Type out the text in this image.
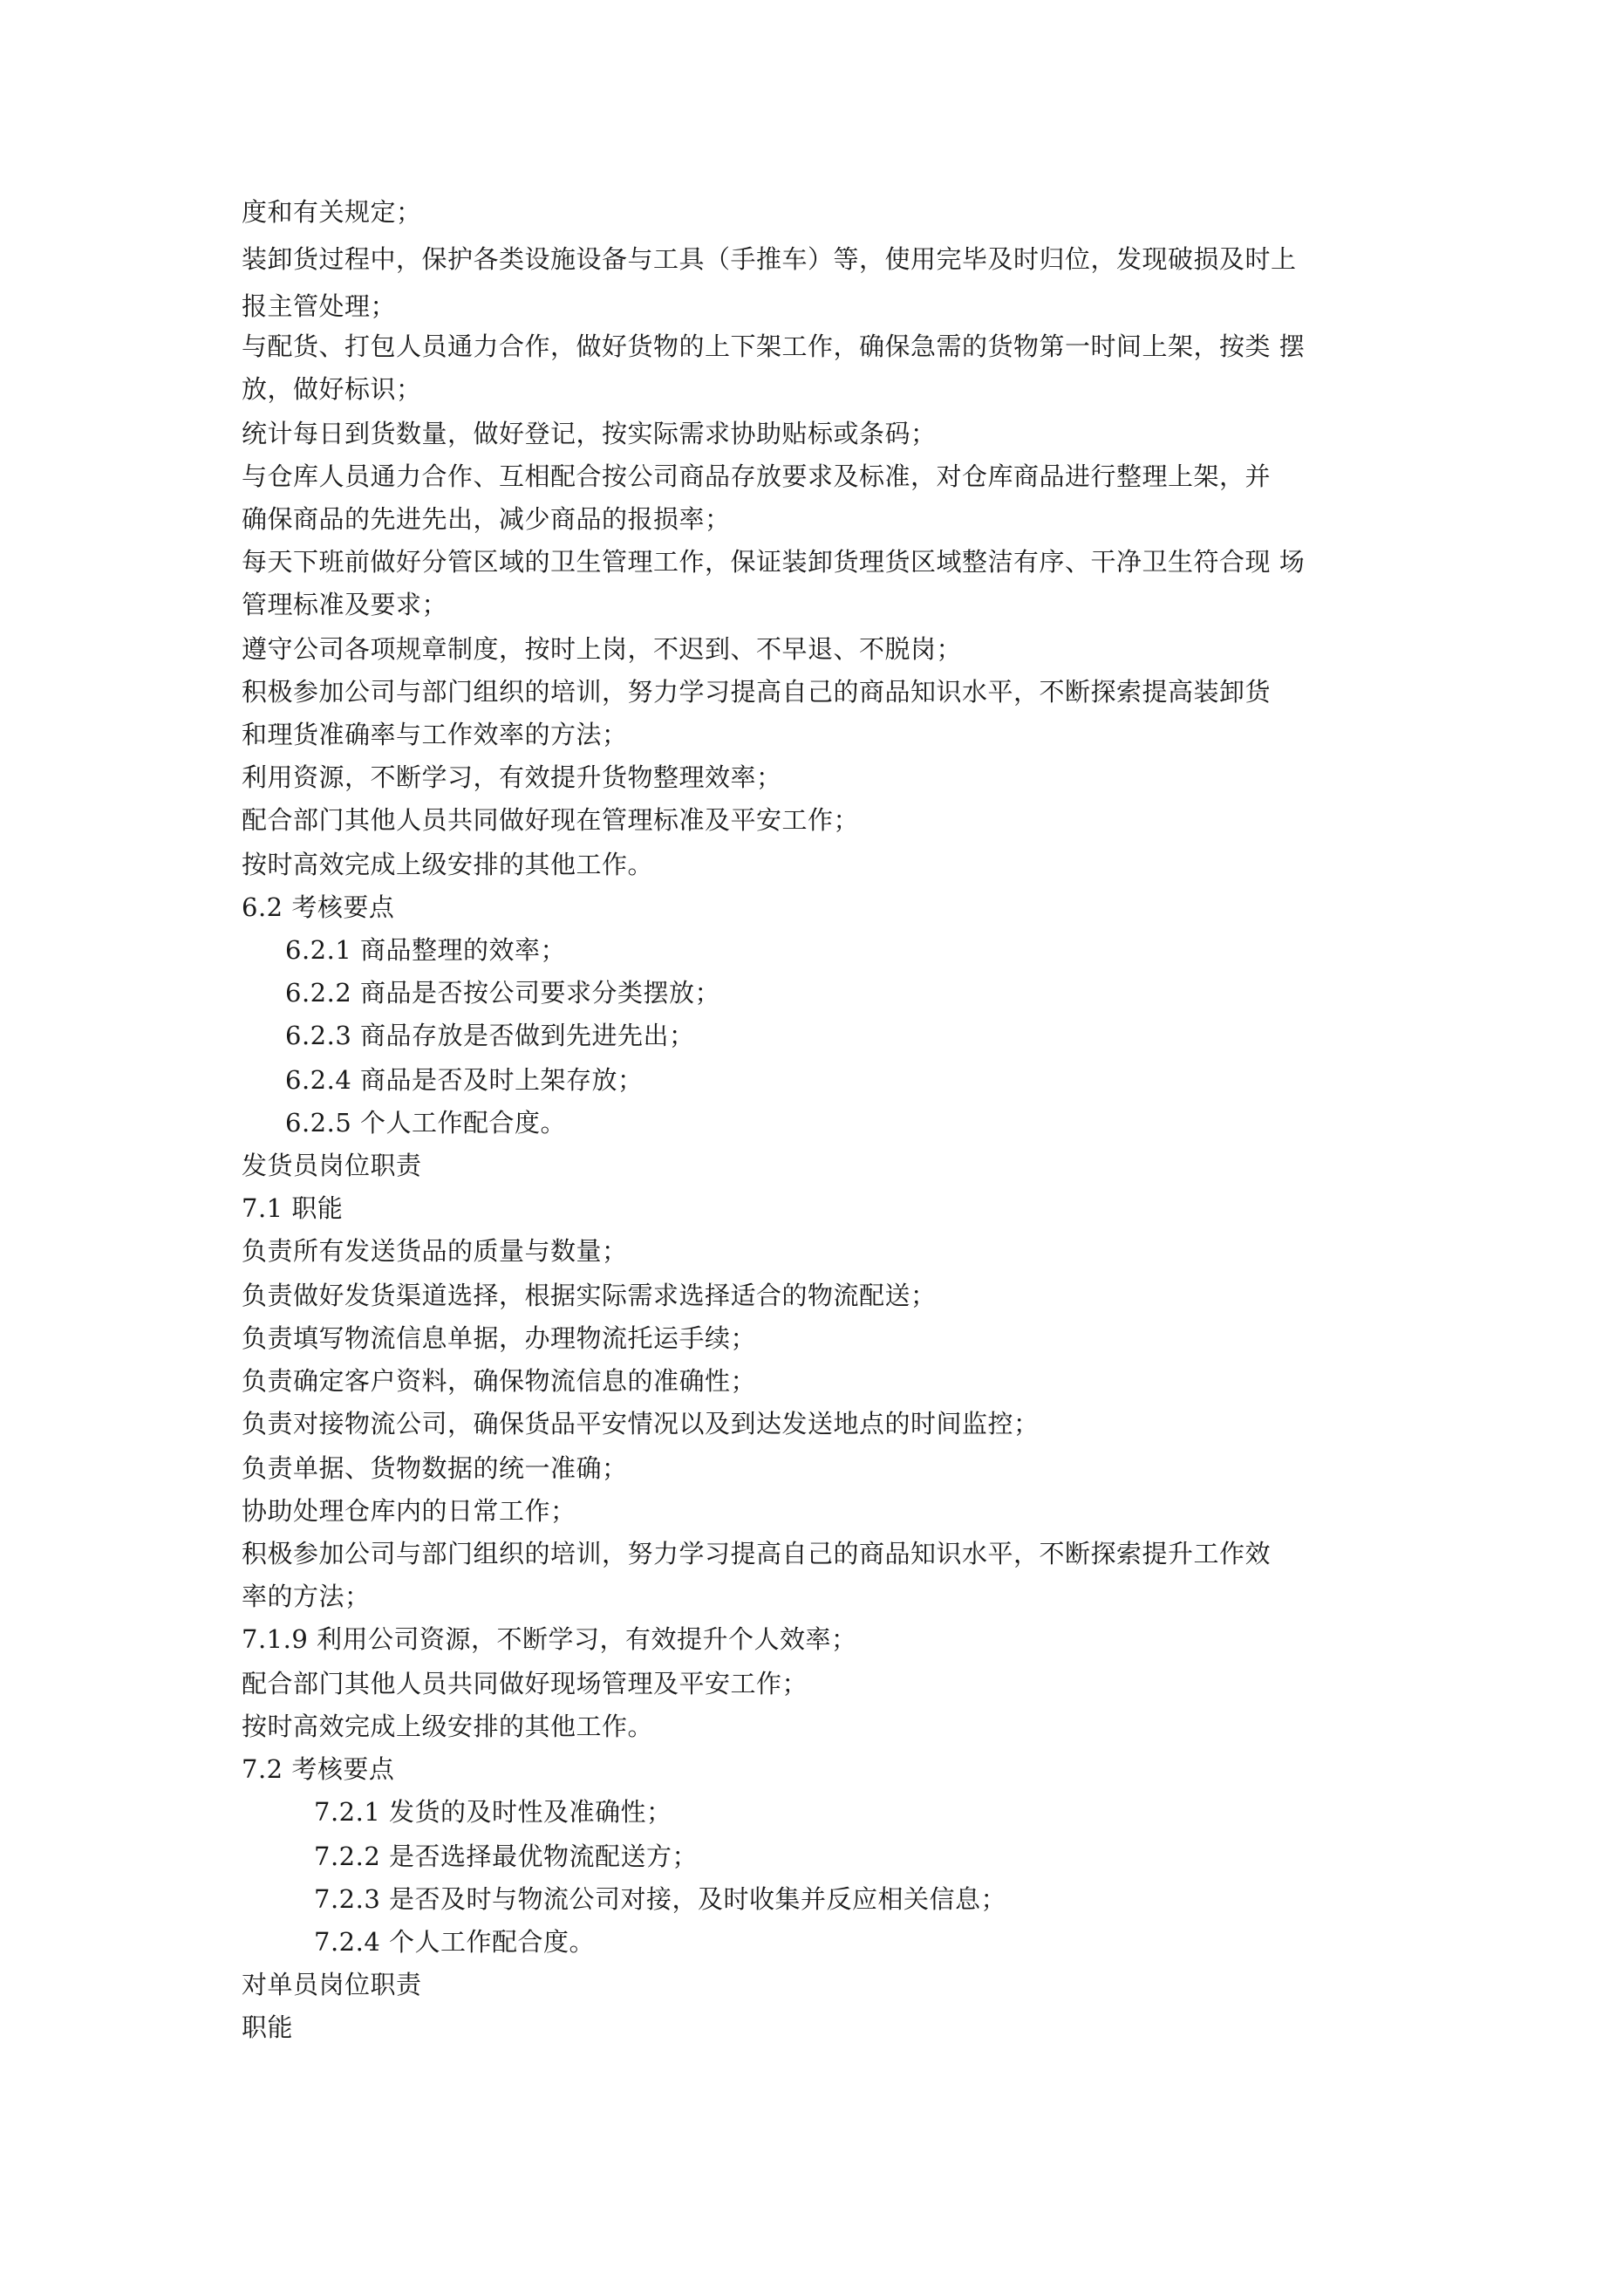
度和有关规定；
装卸货过程中，保护各类设施设备与工具（手推车）等，使用完毕及时归位，发现破损及时上
报主管处理；
与配货、打包人员通力合作，做好货物的上下架工作，确保急需的货物第一时间上架，按类 摆
放，做好标识；
统计每日到货数量，做好登记，按实际需求协助贴标或条码；
与仓库人员通力合作、互相配合按公司商品存放要求及标准，对仓库商品进行整理上架，并
确保商品的先进先出，减少商品的报损率；
每天下班前做好分管区域的卫生管理工作，保证装卸货理货区域整洁有序、干净卫生符合现 场
管理标准及要求；
遵守公司各项规章制度，按时上岗，不迟到、不早退、不脱岗；
积极参加公司与部门组织的培训，努力学习提高自己的商品知识水平，不断探索提高装卸货
和理货准确率与工作效率的方法；
利用资源，不断学习，有效提升货物整理效率；
配合部门其他人员共同做好现在管理标准及平安工作；
按时高效完成上级安排的其他工作。
6.2 考核要点
6.2.1 商品整理的效率；
6.2.2 商品是否按公司要求分类摆放；
6.2.3 商品存放是否做到先进先出；
6.2.4 商品是否及时上架存放；
6.2.5 个人工作配合度。
发货员岗位职责
7.1 职能
负责所有发送货品的质量与数量；
负责做好发货渠道选择，根据实际需求选择适合的物流配送；
负责填写物流信息单据，办理物流托运手续；
负责确定客户资料，确保物流信息的准确性；
负责对接物流公司，确保货品平安情况以及到达发送地点的时间监控；
负责单据、货物数据的统一准确；
协助处理仓库内的日常工作；
积极参加公司与部门组织的培训，努力学习提高自己的商品知识水平，不断探索提升工作效
率的方法；
7.1.9 利用公司资源，不断学习，有效提升个人效率；
配合部门其他人员共同做好现场管理及平安工作；
按时高效完成上级安排的其他工作。
7.2 考核要点
7.2.1 发货的及时性及准确性；
7.2.2 是否选择最优物流配送方；
7.2.3 是否及时与物流公司对接，及时收集并反应相关信息；
7.2.4 个人工作配合度。
对单员岗位职责
职能
